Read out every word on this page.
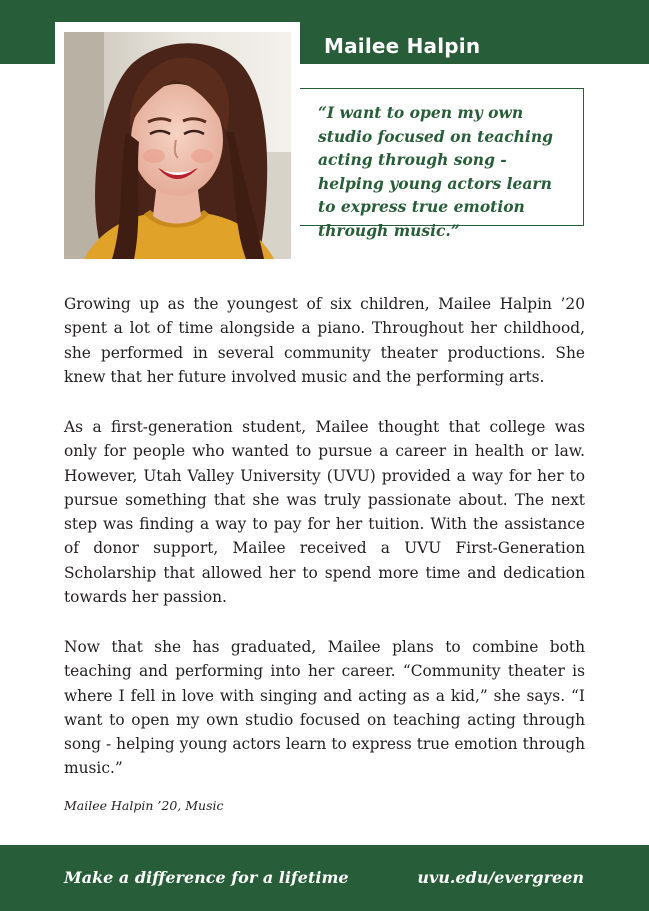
Mailee Halpin

“I want to open my own studio focused on teaching acting through song - helping young actors learn to express true emotion through music.”

Growing up as the youngest of six children, Mailee Halpin ’20 spent a lot of time alongside a piano. Throughout her childhood, she performed in several community theater productions. She knew that her future involved music and the performing arts.

As a first-generation student, Mailee thought that college was only for people who wanted to pursue a career in health or law. However, Utah Valley University (UVU) provided a way for her to pursue something that she was truly passionate about. The next step was finding a way to pay for her tuition. With the assistance of donor support, Mailee received a UVU First-Generation Scholarship that allowed her to spend more time and dedication towards her passion.

Now that she has graduated, Mailee plans to combine both teaching and performing into her career. “Community theater is where I fell in love with singing and acting as a kid,” she says. “I want to open my own studio focused on teaching acting through song - helping young actors learn to express true emotion through music.”

Mailee Halpin ’20, Music

Make a difference for a lifetime	uvu.edu/evergreen
